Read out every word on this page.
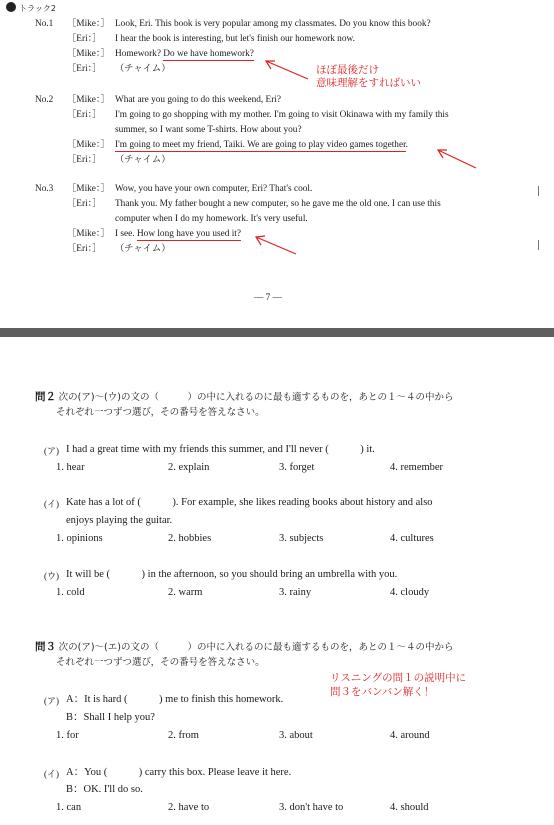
トラック2
No.1 ［Mike：］ Look, Eri. This book is very popular among my classmates. Do you know this book?
［Eri：］ I hear the book is interesting, but let's finish our homework now.
［Mike：］ Homework? Do we have homework?
［Eri：］ （チャイム）	ほぼ最後だけ
意味理解をすればいい
No.2 ［Mike：］ What are you going to do this weekend, Eri?
［Eri：］ I'm going to go shopping with my mother. I'm going to visit Okinawa with my family this
summer, so I want some T-shirts. How about you?
［Mike：］ I'm going to meet my friend, Taiki. We are going to play video games together.
［Eri：］ （チャイム）
No.3 ［Mike：］ Wow, you have your own computer, Eri? That's cool.
［Eri：］ Thank you. My father bought a new computer, so he gave me the old one. I can use this
computer when I do my homework. It's very useful.
［Mike：］ I see. How long have you used it?
［Eri：］ （チャイム）
― 7 ―
問２ 次の(ア)〜(ウ)の文の（　　　）の中に入れるのに最も適するものを，あとの１〜４の中から
それぞれ一つずつ選び，その番号を答えなさい。
(ア) I had a great time with my friends this summer, and I'll never (　　　) it.
1. hear	2. explain	3. forget	4. remember
(イ) Kate has a lot of (　　　). For example, she likes reading books about history and also
enjoys playing the guitar.
1. opinions	2. hobbies	3. subjects	4. cultures
(ウ) It will be (　　　) in the afternoon, so you should bring an umbrella with you.
1. cold	2. warm	3. rainy	4. cloudy
問３ 次の(ア)〜(エ)の文の（　　　）の中に入れるのに最も適するものを，あとの１〜４の中から
それぞれ一つずつ選び，その番号を答えなさい。
リスニングの問１の説明中に
問３をバンバン解く！
(ア) A：It is hard (　　　) me to finish this homework.
B：Shall I help you?
1. for	2. from	3. about	4. around
(イ) A：You (　　　) carry this box. Please leave it here.
B：OK. I'll do so.
1. can	2. have to	3. don't have to	4. should
